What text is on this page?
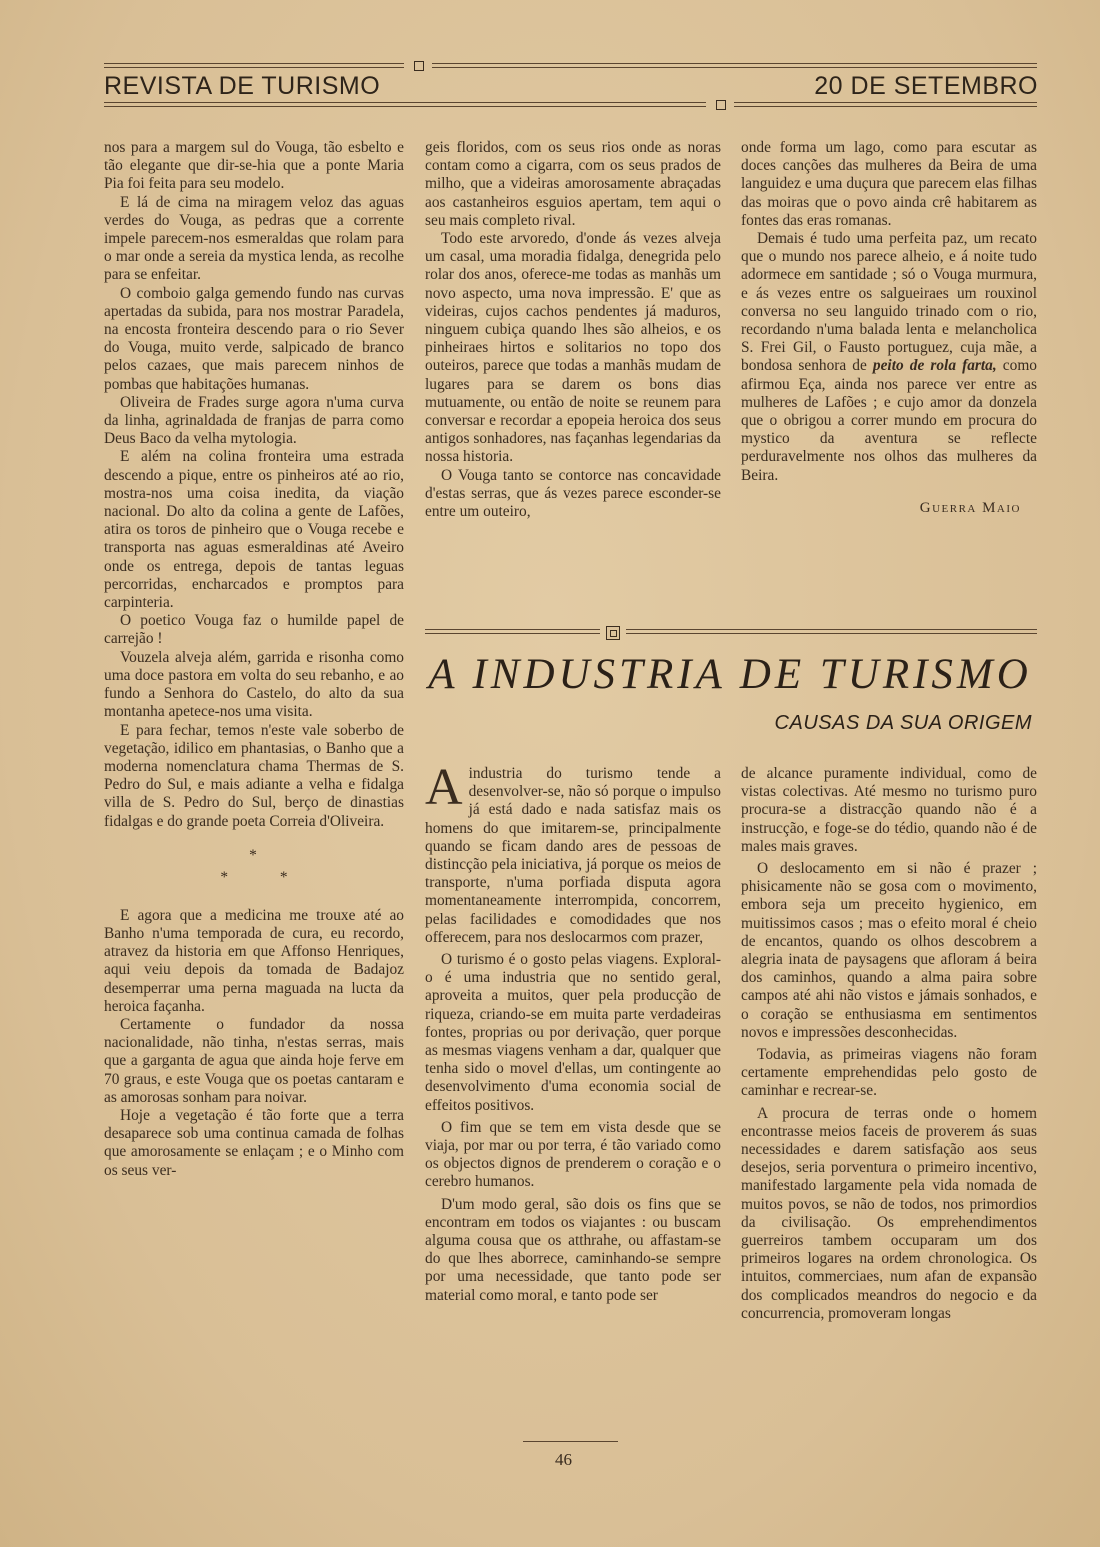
REVISTA DE TURISMO	20 DE SETEMBRO

nos para a margem sul do Vouga, tão esbelto e tão elegante que dir-se-hia que a ponte Maria Pia foi feita para seu modelo.

E lá de cima na miragem veloz das aguas verdes do Vouga, as pedras que a corrente impele parecem-nos esmeraldas que rolam para o mar onde a sereia da mystica lenda, as recolhe para se enfeitar.

O comboio galga gemendo fundo nas curvas apertadas da subida, para nos mostrar Paradela, na encosta fronteira descendo para o rio Sever do Vouga, muito verde, salpicado de branco pelos cazaes, que mais parecem ninhos de pombas que habitações humanas.

Oliveira de Frades surge agora n'uma curva da linha, agrinaldada de franjas de parra como Deus Baco da velha mytologia.

E além na colina fronteira uma estrada descendo a pique, entre os pinheiros até ao rio, mostra-nos uma coisa inedita, da viação nacional. Do alto da colina a gente de Lafões, atira os toros de pinheiro que o Vouga recebe e transporta nas aguas esmeraldinas até Aveiro onde os entrega, depois de tantas leguas percorridas, encharcados e promptos para carpinteria.

O poetico Vouga faz o humilde papel de carrejão !

Vouzela alveja além, garrida e risonha como uma doce pastora em volta do seu rebanho, e ao fundo a Senhora do Castelo, do alto da sua montanha apetece-nos uma visita.

E para fechar, temos n'este vale soberbo de vegetação, idilico em phantasias, o Banho que a moderna nomenclatura chama Thermas de S. Pedro do Sul, e mais adiante a velha e fidalga villa de S. Pedro do Sul, berço de dinastias fidalgas e do grande poeta Correia d'Oliveira.

*
* *

E agora que a medicina me trouxe até ao Banho n'uma temporada de cura, eu recordo, atravez da historia em que Affonso Henriques, aqui veiu depois da tomada de Badajoz desemperrar uma perna maguada na lucta da heroica façanha.

Certamente o fundador da nossa nacionalidade, não tinha, n'estas serras, mais que a garganta de agua que ainda hoje ferve em 70 graus, e este Vouga que os poetas cantaram e as amorosas sonham para noivar.

Hoje a vegetação é tão forte que a terra desaparece sob uma continua camada de folhas que amorosamente se enlaçam ; e o Minho com os seus ver-

geis floridos, com os seus rios onde as noras contam como a cigarra, com os seus prados de milho, que a videiras amorosamente abraçadas aos castanheiros esguios apertam, tem aqui o seu mais completo rival.

Todo este arvoredo, d'onde ás vezes alveja um casal, uma moradia fidalga, denegrida pelo rolar dos anos, oferece-me todas as manhãs um novo aspecto, uma nova impressão. E' que as videiras, cujos cachos pendentes já maduros, ninguem cubiça quando lhes são alheios, e os pinheiraes hirtos e solitarios no topo dos outeiros, parece que todas a manhãs mudam de lugares para se darem os bons dias mutuamente, ou então de noite se reunem para conversar e recordar a epopeia heroica dos seus antigos sonhadores, nas façanhas legendarias da nossa historia.

O Vouga tanto se contorce nas concavidade d'estas serras, que ás vezes parece esconder-se entre um outeiro,

onde forma um lago, como para escutar as doces canções das mulheres da Beira de uma languidez e uma duçura que parecem elas filhas das moiras que o povo ainda crê habitarem as fontes das eras romanas.

Demais é tudo uma perfeita paz, um recato que o mundo nos parece alheio, e á noite tudo adormece em santidade ; só o Vouga murmura, e ás vezes entre os salgueiraes um rouxinol conversa no seu languido trinado com o rio, recordando n'uma balada lenta e melancholica S. Frei Gil, o Fausto portuguez, cuja mãe, a bondosa senhora de peito de rola farta, como afirmou Eça, ainda nos parece ver entre as mulheres de Lafões ; e cujo amor da donzela que o obrigou a correr mundo em procura do mystico da aventura se reflecte perduravelmente nos olhos das mulheres da Beira.

Guerra Maio
A INDUSTRIA DE TURISMO
CAUSAS DA SUA ORIGEM

Aindustria do turismo tende a desenvolver-se, não só porque o impulso já está dado e nada satisfaz mais os homens do que imitarem-se, principalmente quando se ficam dando ares de pessoas de distincção pela iniciativa, já porque os meios de transporte, n'uma porfiada disputa agora momentaneamente interrompida, concorrem, pelas facilidades e comodidades que nos offerecem, para nos deslocarmos com prazer,

O turismo é o gosto pelas viagens. Exploral-o é uma industria que no sentido geral, aproveita a muitos, quer pela producção de riqueza, criando-se em muita parte verdadeiras fontes, proprias ou por derivação, quer porque as mesmas viagens venham a dar, qualquer que tenha sido o movel d'ellas, um contingente ao desenvolvimento d'uma economia social de effeitos positivos.

O fim que se tem em vista desde que se viaja, por mar ou por terra, é tão variado como os objectos dignos de prenderem o coração e o cerebro humanos.

D'um modo geral, são dois os fins que se encontram em todos os viajantes : ou buscam alguma cousa que os atthrahe, ou affastam-se do que lhes aborrece, caminhando-se sempre por uma necessidade, que tanto pode ser material como moral, e tanto pode ser

de alcance puramente individual, como de vistas colectivas. Até mesmo no turismo puro procura-se a distracção quando não é a instrucção, e foge-se do tédio, quando não é de males mais graves.

O deslocamento em si não é prazer ; phisicamente não se gosa com o movimento, embora seja um preceito hygienico, em muitissimos casos ; mas o efeito moral é cheio de encantos, quando os olhos descobrem a alegria inata de paysagens que afloram á beira dos caminhos, quando a alma paira sobre campos até ahi não vistos e jámais sonhados, e o coração se enthusiasma em sentimentos novos e impressões desconhecidas.

Todavia, as primeiras viagens não foram certamente emprehendidas pelo gosto de caminhar e recrear-se.

A procura de terras onde o homem encontrasse meios faceis de proverem ás suas necessidades e darem satisfação aos seus desejos, seria porventura o primeiro incentivo, manifestado largamente pela vida nomada de muitos povos, se não de todos, nos primordios da civilisação. Os emprehendimentos guerreiros tambem occuparam um dos primeiros logares na ordem chronologica. Os intuitos, commerciaes, num afan de expansão dos complicados meandros do negocio e da concurrencia, promoveram longas

46
